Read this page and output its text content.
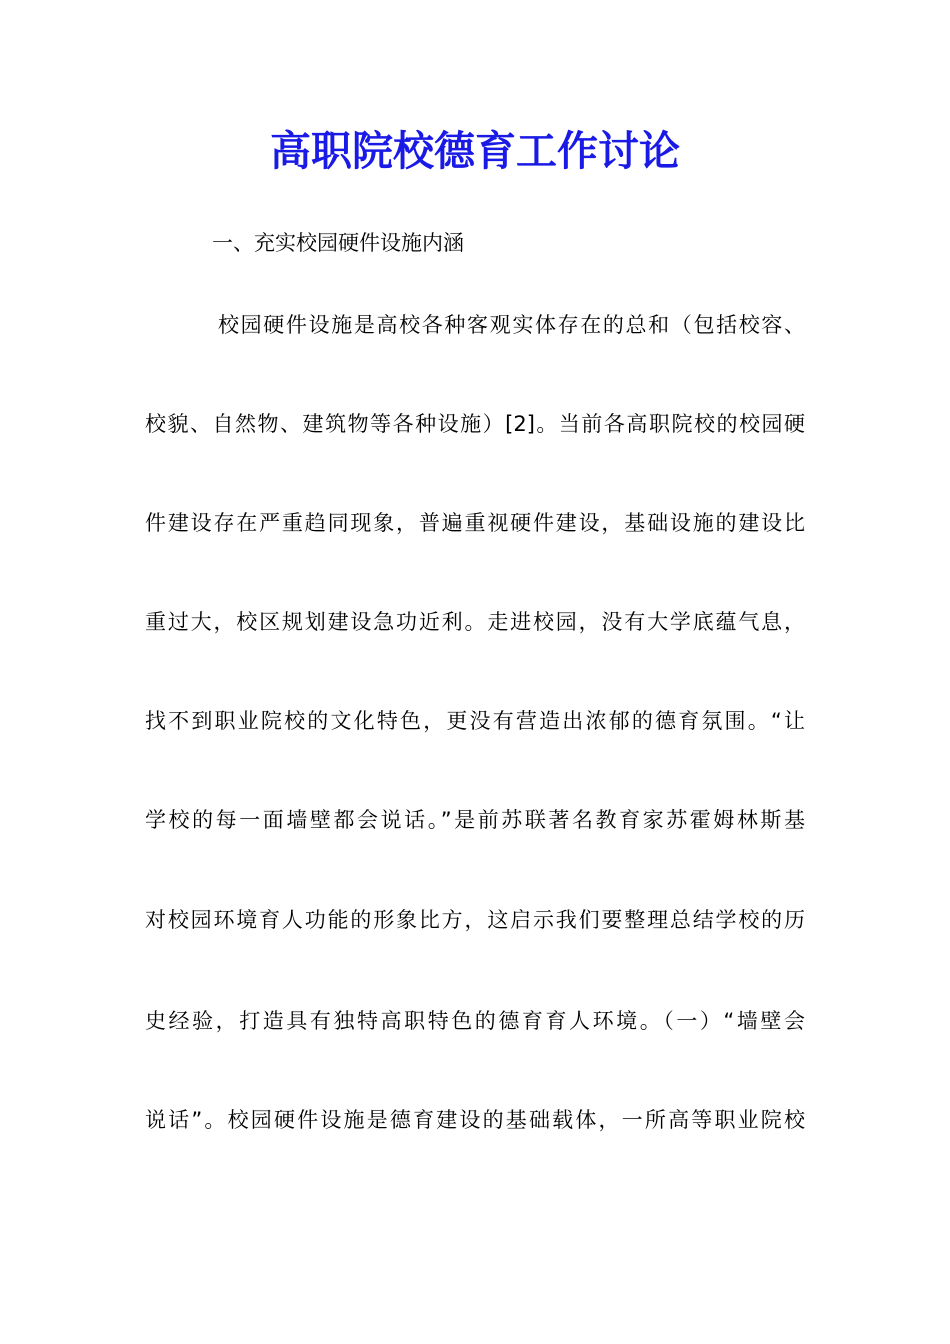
高职院校德育工作讨论

一、充实校园硬件设施内涵

校园硬件设施是高校各种客观实体存在的总和（包括校容、

校貌、自然物、建筑物等各种设施）[2]。当前各高职院校的校园硬

件建设存在严重趋同现象，普遍重视硬件建设，基础设施的建设比

重过大，校区规划建设急功近利。走进校园，没有大学底蕴气息，

找不到职业院校的文化特色，更没有营造出浓郁的德育氛围。“让

学校的每一面墙壁都会说话。”是前苏联著名教育家苏霍姆林斯基

对校园环境育人功能的形象比方，这启示我们要整理总结学校的历

史经验，打造具有独特高职特色的德育育人环境。（一）“墙壁会

说话”。校园硬件设施是德育建设的基础载体，一所高等职业院校
